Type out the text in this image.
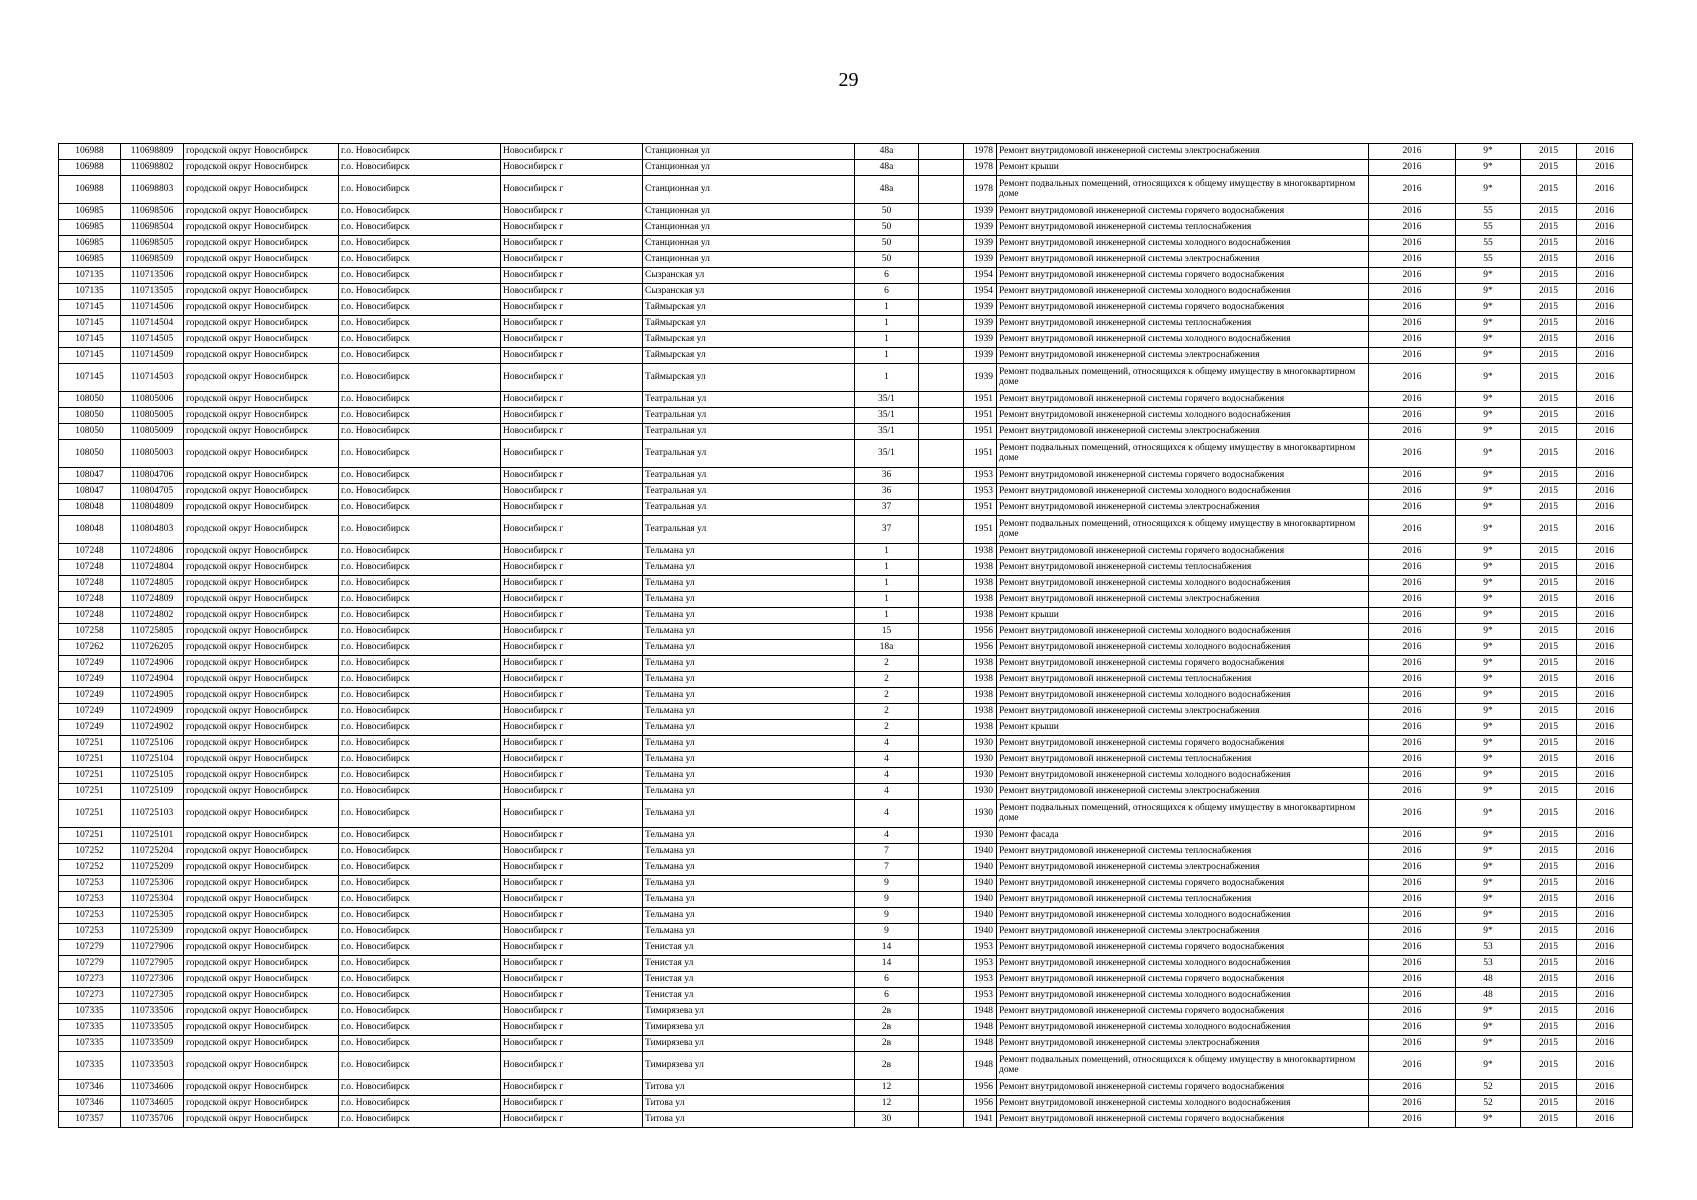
29
106988	110698809	городской округ Новосибирск	г.о. Новосибирск	Новосибирск г	Станционная ул	48а		1978	Ремонт внутридомовой инженерной системы электроснабжения	2016	9*	2015	2016
106988	110698802	городской округ Новосибирск	г.о. Новосибирск	Новосибирск г	Станционная ул	48а		1978	Ремонт крыши	2016	9*	2015	2016
106988	110698803	городской округ Новосибирск	г.о. Новосибирск	Новосибирск г	Станционная ул	48а		1978	Ремонт подвальных помещений, относящихся к общему имуществу в многоквартирном доме	2016	9*	2015	2016
106985	110698506	городской округ Новосибирск	г.о. Новосибирск	Новосибирск г	Станционная ул	50		1939	Ремонт внутридомовой инженерной системы горячего водоснабжения	2016	55	2015	2016
106985	110698504	городской округ Новосибирск	г.о. Новосибирск	Новосибирск г	Станционная ул	50		1939	Ремонт внутридомовой инженерной системы теплоснабжения	2016	55	2015	2016
106985	110698505	городской округ Новосибирск	г.о. Новосибирск	Новосибирск г	Станционная ул	50		1939	Ремонт внутридомовой инженерной системы холодного водоснабжения	2016	55	2015	2016
106985	110698509	городской округ Новосибирск	г.о. Новосибирск	Новосибирск г	Станционная ул	50		1939	Ремонт внутридомовой инженерной системы электроснабжения	2016	55	2015	2016
107135	110713506	городской округ Новосибирск	г.о. Новосибирск	Новосибирск г	Сызранская ул	6		1954	Ремонт внутридомовой инженерной системы горячего водоснабжения	2016	9*	2015	2016
107135	110713505	городской округ Новосибирск	г.о. Новосибирск	Новосибирск г	Сызранская ул	6		1954	Ремонт внутридомовой инженерной системы холодного водоснабжения	2016	9*	2015	2016
107145	110714506	городской округ Новосибирск	г.о. Новосибирск	Новосибирск г	Таймырская ул	1		1939	Ремонт внутридомовой инженерной системы горячего водоснабжения	2016	9*	2015	2016
107145	110714504	городской округ Новосибирск	г.о. Новосибирск	Новосибирск г	Таймырская ул	1		1939	Ремонт внутридомовой инженерной системы теплоснабжения	2016	9*	2015	2016
107145	110714505	городской округ Новосибирск	г.о. Новосибирск	Новосибирск г	Таймырская ул	1		1939	Ремонт внутридомовой инженерной системы холодного водоснабжения	2016	9*	2015	2016
107145	110714509	городской округ Новосибирск	г.о. Новосибирск	Новосибирск г	Таймырская ул	1		1939	Ремонт внутридомовой инженерной системы электроснабжения	2016	9*	2015	2016
107145	110714503	городской округ Новосибирск	г.о. Новосибирск	Новосибирск г	Таймырская ул	1		1939	Ремонт подвальных помещений, относящихся к общему имуществу в многоквартирном доме	2016	9*	2015	2016
108050	110805006	городской округ Новосибирск	г.о. Новосибирск	Новосибирск г	Театральная ул	35/1		1951	Ремонт внутридомовой инженерной системы горячего водоснабжения	2016	9*	2015	2016
108050	110805005	городской округ Новосибирск	г.о. Новосибирск	Новосибирск г	Театральная ул	35/1		1951	Ремонт внутридомовой инженерной системы холодного водоснабжения	2016	9*	2015	2016
108050	110805009	городской округ Новосибирск	г.о. Новосибирск	Новосибирск г	Театральная ул	35/1		1951	Ремонт внутридомовой инженерной системы электроснабжения	2016	9*	2015	2016
108050	110805003	городской округ Новосибирск	г.о. Новосибирск	Новосибирск г	Театральная ул	35/1		1951	Ремонт подвальных помещений, относящихся к общему имуществу в многоквартирном доме	2016	9*	2015	2016
108047	110804706	городской округ Новосибирск	г.о. Новосибирск	Новосибирск г	Театральная ул	36		1953	Ремонт внутридомовой инженерной системы горячего водоснабжения	2016	9*	2015	2016
108047	110804705	городской округ Новосибирск	г.о. Новосибирск	Новосибирск г	Театральная ул	36		1953	Ремонт внутридомовой инженерной системы холодного водоснабжения	2016	9*	2015	2016
108048	110804809	городской округ Новосибирск	г.о. Новосибирск	Новосибирск г	Театральная ул	37		1951	Ремонт внутридомовой инженерной системы электроснабжения	2016	9*	2015	2016
108048	110804803	городской округ Новосибирск	г.о. Новосибирск	Новосибирск г	Театральная ул	37		1951	Ремонт подвальных помещений, относящихся к общему имуществу в многоквартирном доме	2016	9*	2015	2016
107248	110724806	городской округ Новосибирск	г.о. Новосибирск	Новосибирск г	Тельмана ул	1		1938	Ремонт внутридомовой инженерной системы горячего водоснабжения	2016	9*	2015	2016
107248	110724804	городской округ Новосибирск	г.о. Новосибирск	Новосибирск г	Тельмана ул	1		1938	Ремонт внутридомовой инженерной системы теплоснабжения	2016	9*	2015	2016
107248	110724805	городской округ Новосибирск	г.о. Новосибирск	Новосибирск г	Тельмана ул	1		1938	Ремонт внутридомовой инженерной системы холодного водоснабжения	2016	9*	2015	2016
107248	110724809	городской округ Новосибирск	г.о. Новосибирск	Новосибирск г	Тельмана ул	1		1938	Ремонт внутридомовой инженерной системы электроснабжения	2016	9*	2015	2016
107248	110724802	городской округ Новосибирск	г.о. Новосибирск	Новосибирск г	Тельмана ул	1		1938	Ремонт крыши	2016	9*	2015	2016
107258	110725805	городской округ Новосибирск	г.о. Новосибирск	Новосибирск г	Тельмана ул	15		1956	Ремонт внутридомовой инженерной системы холодного водоснабжения	2016	9*	2015	2016
107262	110726205	городской округ Новосибирск	г.о. Новосибирск	Новосибирск г	Тельмана ул	18а		1956	Ремонт внутридомовой инженерной системы холодного водоснабжения	2016	9*	2015	2016
107249	110724906	городской округ Новосибирск	г.о. Новосибирск	Новосибирск г	Тельмана ул	2		1938	Ремонт внутридомовой инженерной системы горячего водоснабжения	2016	9*	2015	2016
107249	110724904	городской округ Новосибирск	г.о. Новосибирск	Новосибирск г	Тельмана ул	2		1938	Ремонт внутридомовой инженерной системы теплоснабжения	2016	9*	2015	2016
107249	110724905	городской округ Новосибирск	г.о. Новосибирск	Новосибирск г	Тельмана ул	2		1938	Ремонт внутридомовой инженерной системы холодного водоснабжения	2016	9*	2015	2016
107249	110724909	городской округ Новосибирск	г.о. Новосибирск	Новосибирск г	Тельмана ул	2		1938	Ремонт внутридомовой инженерной системы электроснабжения	2016	9*	2015	2016
107249	110724902	городской округ Новосибирск	г.о. Новосибирск	Новосибирск г	Тельмана ул	2		1938	Ремонт крыши	2016	9*	2015	2016
107251	110725106	городской округ Новосибирск	г.о. Новосибирск	Новосибирск г	Тельмана ул	4		1930	Ремонт внутридомовой инженерной системы горячего водоснабжения	2016	9*	2015	2016
107251	110725104	городской округ Новосибирск	г.о. Новосибирск	Новосибирск г	Тельмана ул	4		1930	Ремонт внутридомовой инженерной системы теплоснабжения	2016	9*	2015	2016
107251	110725105	городской округ Новосибирск	г.о. Новосибирск	Новосибирск г	Тельмана ул	4		1930	Ремонт внутридомовой инженерной системы холодного водоснабжения	2016	9*	2015	2016
107251	110725109	городской округ Новосибирск	г.о. Новосибирск	Новосибирск г	Тельмана ул	4		1930	Ремонт внутридомовой инженерной системы электроснабжения	2016	9*	2015	2016
107251	110725103	городской округ Новосибирск	г.о. Новосибирск	Новосибирск г	Тельмана ул	4		1930	Ремонт подвальных помещений, относящихся к общему имуществу в многоквартирном доме	2016	9*	2015	2016
107251	110725101	городской округ Новосибирск	г.о. Новосибирск	Новосибирск г	Тельмана ул	4		1930	Ремонт фасада	2016	9*	2015	2016
107252	110725204	городской округ Новосибирск	г.о. Новосибирск	Новосибирск г	Тельмана ул	7		1940	Ремонт внутридомовой инженерной системы теплоснабжения	2016	9*	2015	2016
107252	110725209	городской округ Новосибирск	г.о. Новосибирск	Новосибирск г	Тельмана ул	7		1940	Ремонт внутридомовой инженерной системы электроснабжения	2016	9*	2015	2016
107253	110725306	городской округ Новосибирск	г.о. Новосибирск	Новосибирск г	Тельмана ул	9		1940	Ремонт внутридомовой инженерной системы горячего водоснабжения	2016	9*	2015	2016
107253	110725304	городской округ Новосибирск	г.о. Новосибирск	Новосибирск г	Тельмана ул	9		1940	Ремонт внутридомовой инженерной системы теплоснабжения	2016	9*	2015	2016
107253	110725305	городской округ Новосибирск	г.о. Новосибирск	Новосибирск г	Тельмана ул	9		1940	Ремонт внутридомовой инженерной системы холодного водоснабжения	2016	9*	2015	2016
107253	110725309	городской округ Новосибирск	г.о. Новосибирск	Новосибирск г	Тельмана ул	9		1940	Ремонт внутридомовой инженерной системы электроснабжения	2016	9*	2015	2016
107279	110727906	городской округ Новосибирск	г.о. Новосибирск	Новосибирск г	Тенистая ул	14		1953	Ремонт внутридомовой инженерной системы горячего водоснабжения	2016	53	2015	2016
107279	110727905	городской округ Новосибирск	г.о. Новосибирск	Новосибирск г	Тенистая ул	14		1953	Ремонт внутридомовой инженерной системы холодного водоснабжения	2016	53	2015	2016
107273	110727306	городской округ Новосибирск	г.о. Новосибирск	Новосибирск г	Тенистая ул	6		1953	Ремонт внутридомовой инженерной системы горячего водоснабжения	2016	48	2015	2016
107273	110727305	городской округ Новосибирск	г.о. Новосибирск	Новосибирск г	Тенистая ул	6		1953	Ремонт внутридомовой инженерной системы холодного водоснабжения	2016	48	2015	2016
107335	110733506	городской округ Новосибирск	г.о. Новосибирск	Новосибирск г	Тимирязева ул	2в		1948	Ремонт внутридомовой инженерной системы горячего водоснабжения	2016	9*	2015	2016
107335	110733505	городской округ Новосибирск	г.о. Новосибирск	Новосибирск г	Тимирязева ул	2в		1948	Ремонт внутридомовой инженерной системы холодного водоснабжения	2016	9*	2015	2016
107335	110733509	городской округ Новосибирск	г.о. Новосибирск	Новосибирск г	Тимирязева ул	2в		1948	Ремонт внутридомовой инженерной системы электроснабжения	2016	9*	2015	2016
107335	110733503	городской округ Новосибирск	г.о. Новосибирск	Новосибирск г	Тимирязева ул	2в		1948	Ремонт подвальных помещений, относящихся к общему имуществу в многоквартирном доме	2016	9*	2015	2016
107346	110734606	городской округ Новосибирск	г.о. Новосибирск	Новосибирск г	Титова ул	12		1956	Ремонт внутридомовой инженерной системы горячего водоснабжения	2016	52	2015	2016
107346	110734605	городской округ Новосибирск	г.о. Новосибирск	Новосибирск г	Титова ул	12		1956	Ремонт внутридомовой инженерной системы холодного водоснабжения	2016	52	2015	2016
107357	110735706	городской округ Новосибирск	г.о. Новосибирск	Новосибирск г	Титова ул	30		1941	Ремонт внутридомовой инженерной системы горячего водоснабжения	2016	9*	2015	2016
